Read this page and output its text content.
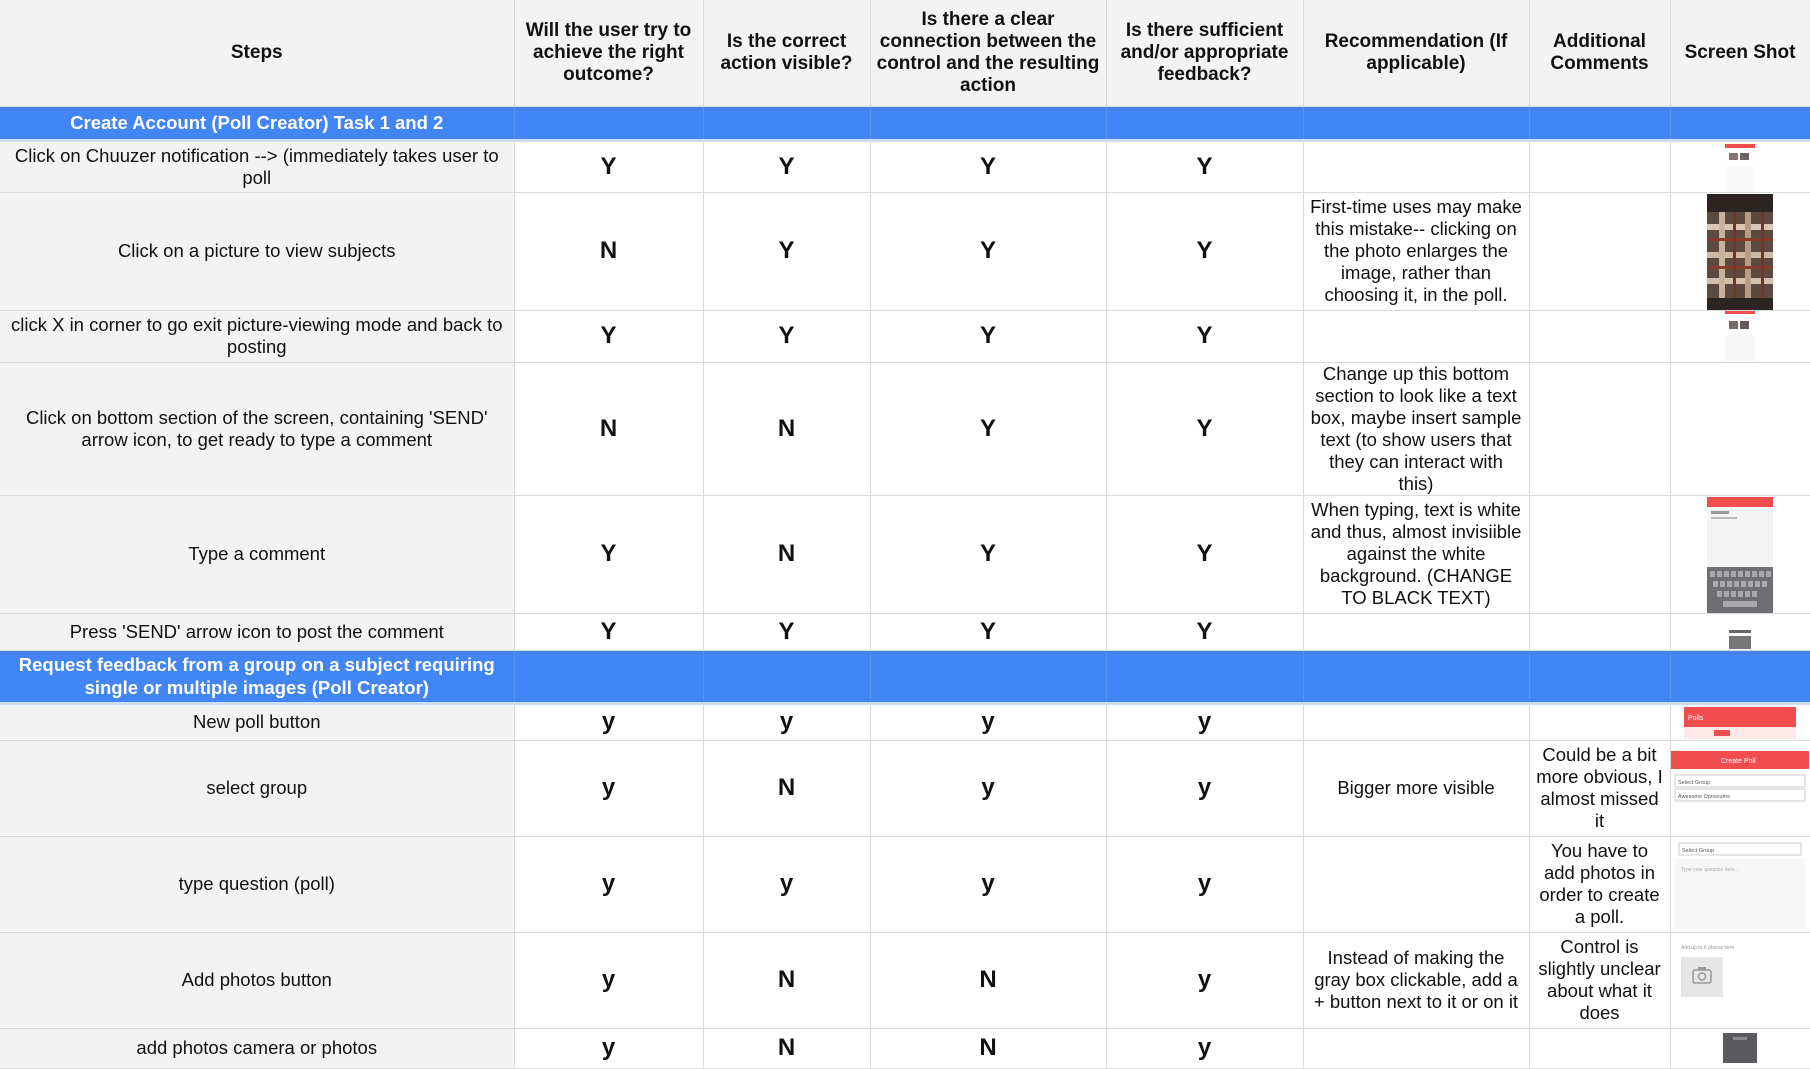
Steps	Will the user try to achieve the right outcome?	Is the correct action visible?	Is there a clear connection between the control and the resulting action	Is there sufficient and/or appropriate feedback?	Recommendation (If applicable)	Additional Comments	Screen Shot
Create Account (Poll Creator) Task 1 and 2							
Click on Chuuzer notification --> (immediately takes user to poll	Y	Y	Y	Y			

Click on a picture to view subjects	N	Y	Y	Y	First-time uses may make this mistake-- clicking on the photo enlarges the image, rather than choosing it, in the poll.		

click X in corner to go exit picture-viewing mode and back to posting	Y	Y	Y	Y			

Click on bottom section of the screen, containing 'SEND' arrow icon, to get ready to type a comment	N	N	Y	Y	Change up this bottom section to look like a text box, maybe insert sample text (to show users that they can interact with this)		
Type a comment	Y	N	Y	Y	When typing, text is white and thus, almost invisiible against the white background. (CHANGE TO BLACK TEXT)		

Press 'SEND' arrow icon to post the comment	Y	Y	Y	Y			

Request feedback from a group on a subject requiring single or multiple images (Poll Creator)							
New poll button	y	y	y	y			Polls

select group	y	N	y	y	Bigger more visible	Could be a bit more obvious, I almost missed it	Create Poll
Select Group
Awesome Opossums

type question (poll)	y	y	y	y		You have to add photos in order to create a poll.	Select Group
Type your question here...

Add photos button	y	N	N	y	Instead of making the gray box clickable, add a + button next to it or on it	Control is slightly unclear about what it does	Add up to 6 photos here

add photos camera or photos	y	N	N	y			
